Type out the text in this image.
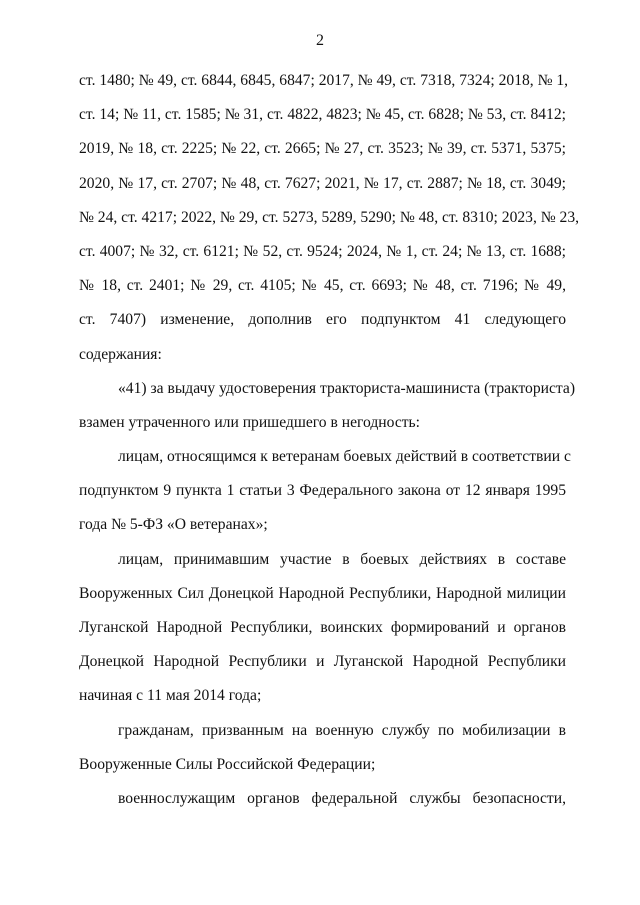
2
ст. 1480; № 49, ст. 6844, 6845, 6847; 2017, № 49, ст. 7318, 7324; 2018, № 1,
ст. 14; № 11, ст. 1585; № 31, ст. 4822, 4823; № 45, ст. 6828; № 53, ст. 8412;
2019, № 18, ст. 2225; № 22, ст. 2665; № 27, ст. 3523; № 39, ст. 5371, 5375;
2020, № 17, ст. 2707; № 48, ст. 7627; 2021, № 17, ст. 2887; № 18, ст. 3049;
№ 24, ст. 4217; 2022, № 29, ст. 5273, 5289, 5290; № 48, ст. 8310; 2023, № 23,
ст. 4007; № 32, ст. 6121; № 52, ст. 9524; 2024, № 1, ст. 24; № 13, ст. 1688;
№ 18, ст. 2401; № 29, ст. 4105; № 45, ст. 6693; № 48, ст. 7196; № 49,
ст. 7407) изменение, дополнив его подпунктом 41 следующего
содержания:
«41) за выдачу удостоверения тракториста-машиниста (тракториста)
взамен утраченного или пришедшего в негодность:
лицам, относящимся к ветеранам боевых действий в соответствии с
подпунктом 9 пункта 1 статьи 3 Федерального закона от 12 января 1995
года № 5-ФЗ «О ветеранах»;
лицам, принимавшим участие в боевых действиях в составе
Вооруженных Сил Донецкой Народной Республики, Народной милиции
Луганской Народной Республики, воинских формирований и органов
Донецкой Народной Республики и Луганской Народной Республики
начиная с 11 мая 2014 года;
гражданам, призванным на военную службу по мобилизации в
Вооруженные Силы Российской Федерации;
военнослужащим органов федеральной службы безопасности,
